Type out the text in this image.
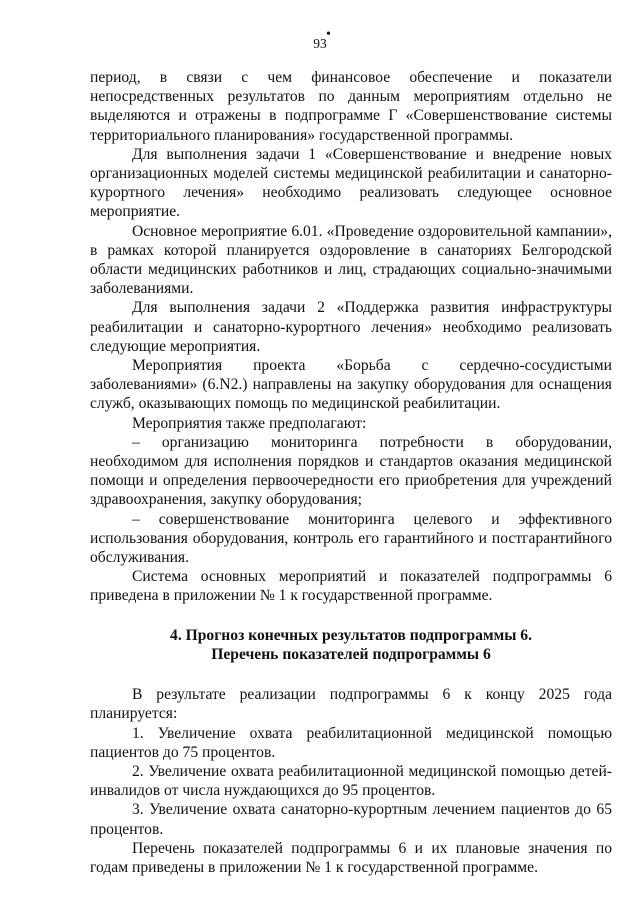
•
93

период, в связи с чем финансовое обеспечение и показатели непосредственных результатов по данным мероприятиям отдельно не выделяются и отражены в подпрограмме Г «Совершенствование системы территориального планирования» государственной программы.

Для выполнения задачи 1 «Совершенствование и внедрение новых организационных моделей системы медицинской реабилитации и санаторно-курортного лечения» необходимо реализовать следующее основное мероприятие.

Основное мероприятие 6.01. «Проведение оздоровительной кампании», в рамках которой планируется оздоровление в санаториях Белгородской области медицинских работников и лиц, страдающих социально-значимыми заболеваниями.

Для выполнения задачи 2 «Поддержка развития инфраструктуры реабилитации и санаторно-курортного лечения» необходимо реализовать следующие мероприятия.

Мероприятия проекта «Борьба с сердечно-сосудистыми заболеваниями» (6.N2.) направлены на закупку оборудования для оснащения служб, оказывающих помощь по медицинской реабилитации.

Мероприятия также предполагают:

– организацию мониторинга потребности в оборудовании, необходимом для исполнения порядков и стандартов оказания медицинской помощи и определения первоочередности его приобретения для учреждений здравоохранения, закупку оборудования;

– совершенствование мониторинга целевого и эффективного использования оборудования, контроль его гарантийного и постгарантийного обслуживания.

Система основных мероприятий и показателей подпрограммы 6 приведена в приложении № 1 к государственной программе.

4. Прогноз конечных результатов подпрограммы 6.

Перечень показателей подпрограммы 6

В результате реализации подпрограммы 6 к концу 2025 года планируется:

1. Увеличение охвата реабилитационной медицинской помощью пациентов до 75 процентов.

2. Увеличение охвата реабилитационной медицинской помощью детей-инвалидов от числа нуждающихся до 95 процентов.

3. Увеличение охвата санаторно-курортным лечением пациентов до 65 процентов.

Перечень показателей подпрограммы 6 и их плановые значения по годам приведены в приложении № 1 к государственной программе.
